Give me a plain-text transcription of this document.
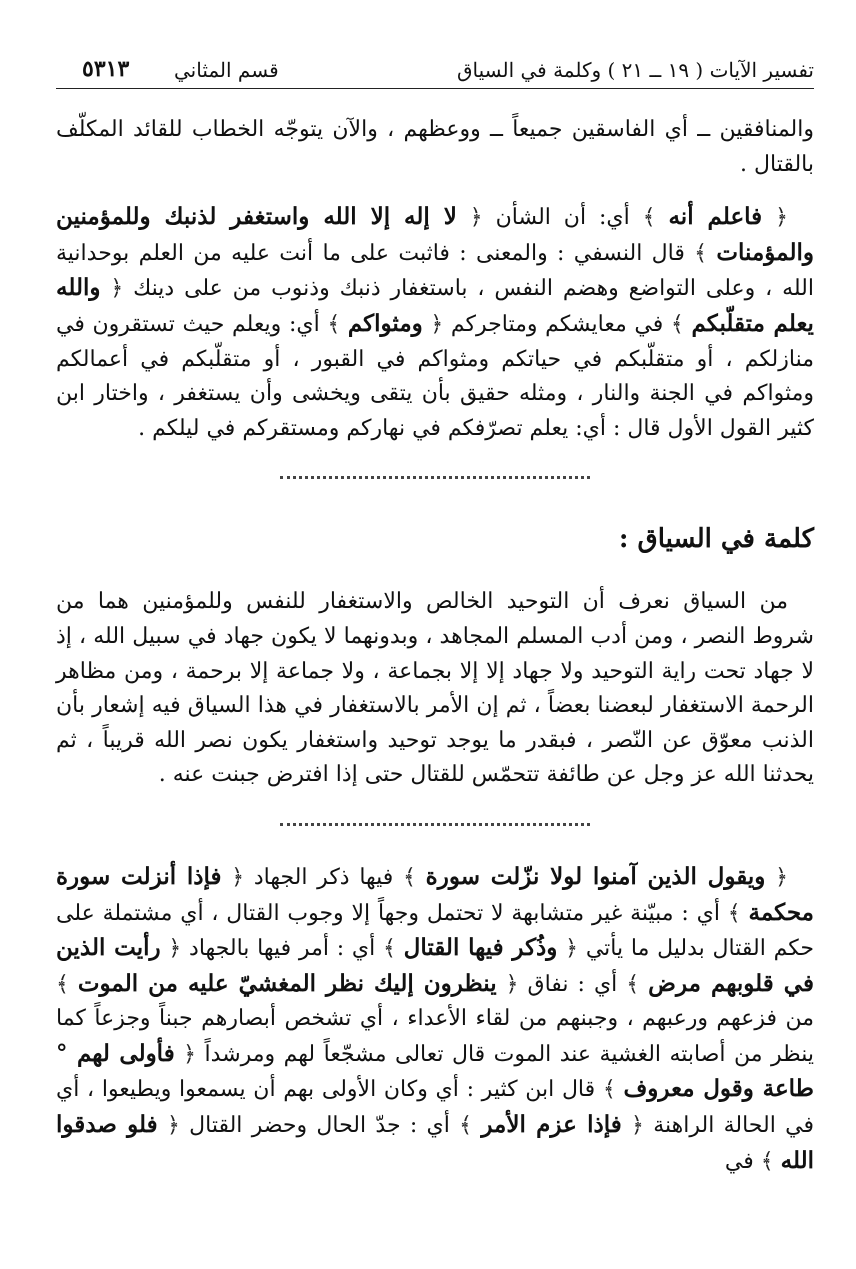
تفسير الآيات ( ١٩ ــ ٢١ ) وكلمة في السياق
قسم المثاني
٥٣١٣

والمنافقين ــ أي الفاسقين جميعاً ــ ووعظهم ، والآن يتوجّه الخطاب للقائد المكلّف بالقتال .

﴿ فاعلم أنه ﴾ أي: أن الشأن ﴿ لا إله إلا الله واستغفر لذنبك وللمؤمنين والمؤمنات ﴾ قال النسفي : والمعنى : فاثبت على ما أنت عليه من العلم بوحدانية الله ، وعلى التواضع وهضم النفس ، باستغفار ذنبك وذنوب من على دينك ﴿ والله يعلم متقلّبكم ﴾ في معايشكم ومتاجركم ﴿ ومثواكم ﴾ أي: ويعلم حيث تستقرون في منازلكم ، أو متقلّبكم في حياتكم ومثواكم في القبور ، أو متقلّبكم في أعمالكم ومثواكم في الجنة والنار ، ومثله حقيق بأن يتقى ويخشى وأن يستغفر ، واختار ابن كثير القول الأول قال : أي: يعلم تصرّفكم في نهاركم ومستقركم في ليلكم .

كلمة في السياق :

من السياق نعرف أن التوحيد الخالص والاستغفار للنفس وللمؤمنين هما من شروط النصر ، ومن أدب المسلم المجاهد ، وبدونهما لا يكون جهاد في سبيل الله ، إذ لا جهاد تحت راية التوحيد ولا جهاد إلا إلا بجماعة ، ولا جماعة إلا برحمة ، ومن مظاهر الرحمة الاستغفار لبعضنا بعضاً ، ثم إن الأمر بالاستغفار في هذا السياق فيه إشعار بأن الذنب معوّق عن النّصر ، فبقدر ما يوجد توحيد واستغفار يكون نصر الله قريباً ، ثم يحدثنا الله عز وجل عن طائفة تتحمّس للقتال حتى إذا افترض جبنت عنه .

﴿ ويقول الذين آمنوا لولا نزّلت سورة ﴾ فيها ذكر الجهاد ﴿ فإذا أنزلت سورة محكمة ﴾ أي : مبيّنة غير متشابهة لا تحتمل وجهاً إلا وجوب القتال ، أي مشتملة على حكم القتال بدليل ما يأتي ﴿ وذُكر فيها القتال ﴾ أي : أمر فيها بالجهاد ﴿ رأيت الذين في قلوبهم مرض ﴾ أي : نفاق ﴿ ينظرون إليك نظر المغشيّ عليه من الموت ﴾ من فزعهم ورعبهم ، وجبنهم من لقاء الأعداء ، أي تشخص أبصارهم جبناً وجزعاً كما ينظر من أصابته الغشية عند الموت قال تعالى مشجّعاً لهم ومرشداً ﴿ فأولى لهم ° طاعة وقول معروف ﴾ قال ابن كثير : أي وكان الأولى بهم أن يسمعوا ويطيعوا ، أي في الحالة الراهنة ﴿ فإذا عزم الأمر ﴾ أي : جدّ الحال وحضر القتال ﴿ فلو صدقوا الله ﴾ في
